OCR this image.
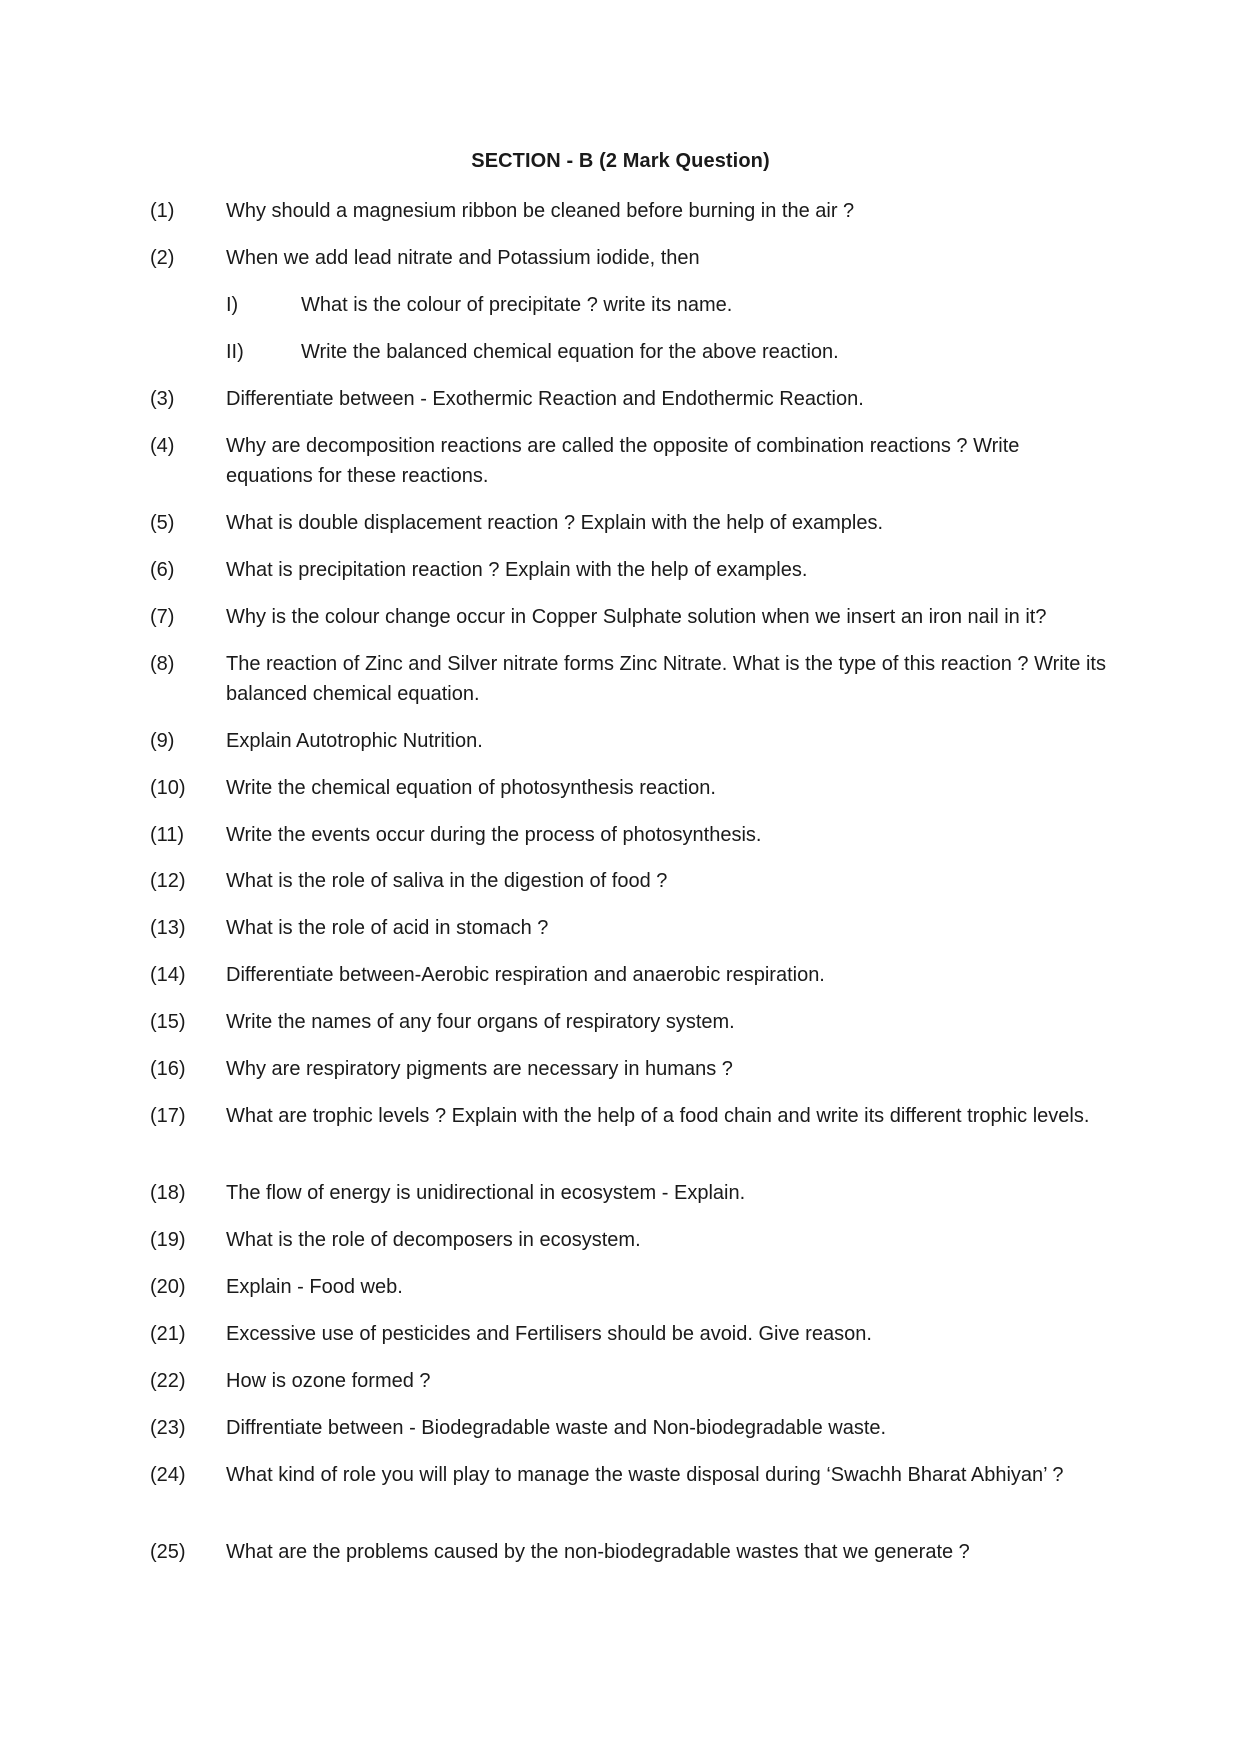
SECTION - B (2 Mark Question)
(1)	Why should a magnesium ribbon be cleaned before burning in the air ?
(2)	When we add lead nitrate and Potassium iodide, then
I)	What is the colour of precipitate ? write its name.
II)	Write the balanced chemical equation for the above reaction.
(3)	Differentiate between - Exothermic Reaction and Endothermic Reaction.
(4)	Why are decomposition reactions are called the opposite of combination reactions ? Write equations for these reactions.
(5)	What is double displacement reaction ? Explain with the help of examples.
(6)	What is precipitation reaction ? Explain with the help of examples.
(7)	Why is the colour change occur in Copper Sulphate solution when we insert an iron nail in it?
(8)	The reaction of Zinc and Silver nitrate forms Zinc Nitrate. What is the type of this reaction ? Write its balanced chemical equation.
(9)	Explain Autotrophic Nutrition.
(10)	Write the chemical equation of photosynthesis reaction.
(11)	Write the events occur during the process of photosynthesis.
(12)	What is the role of saliva in the digestion of food ?
(13)	What is the role of acid in stomach ?
(14)	Differentiate between-Aerobic respiration and anaerobic respiration.
(15)	Write the names of any four organs of respiratory system.
(16)	Why are respiratory pigments are necessary in humans ?
(17)	What are trophic levels ? Explain with the help of a food chain and write its different trophic levels.
(18)	The flow of energy is unidirectional in ecosystem - Explain.
(19)	What is the role of decomposers in ecosystem.
(20)	Explain - Food web.
(21)	Excessive use of pesticides and Fertilisers should be avoid. Give reason.
(22)	How is ozone formed ?
(23)	Diffrentiate between - Biodegradable waste and Non-biodegradable waste.
(24)	What kind of role you will play to manage the waste disposal during ‘Swachh Bharat Abhiyan’ ?
(25)	What are the problems caused by the non-biodegradable wastes that we generate ?
